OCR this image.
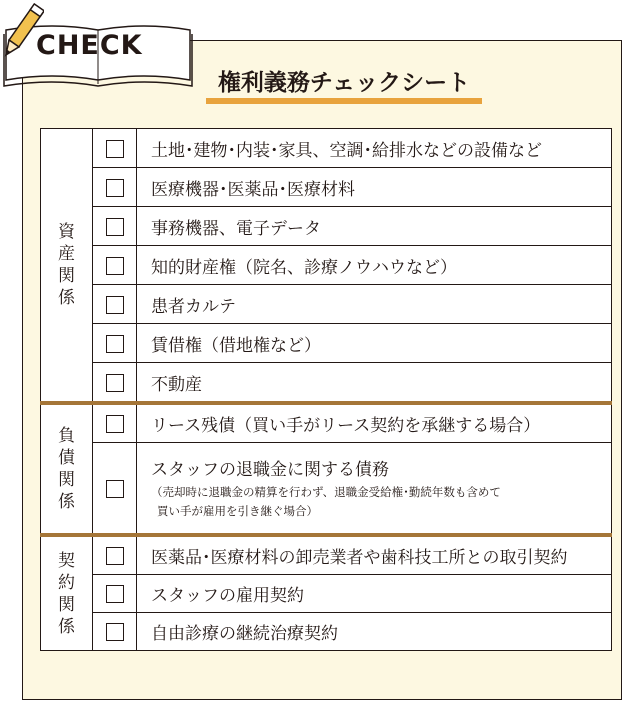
CHECK
権利義務チェックシート
資
産
関
係		土地･建物･内装･家具、空調･給排水などの設備など
		医療機器･医薬品･医療材料
		事務機器、電子データ
		知的財産権（院名、診療ノウハウなど）
		患者カルテ
		賃借権（借地権など）
		不動産

負
債
関
係		リース残債（買い手がリース契約を承継する場合）

		スタッフの退職金に関する債務
（売却時に退職金の精算を行わず、退職金受給権･勤続年数も含めて
買い手が雇用を引き継ぐ場合）

契
約
関
係		医薬品･医療材料の卸売業者や歯科技工所との取引契約
		スタッフの雇用契約
		自由診療の継続治療契約
